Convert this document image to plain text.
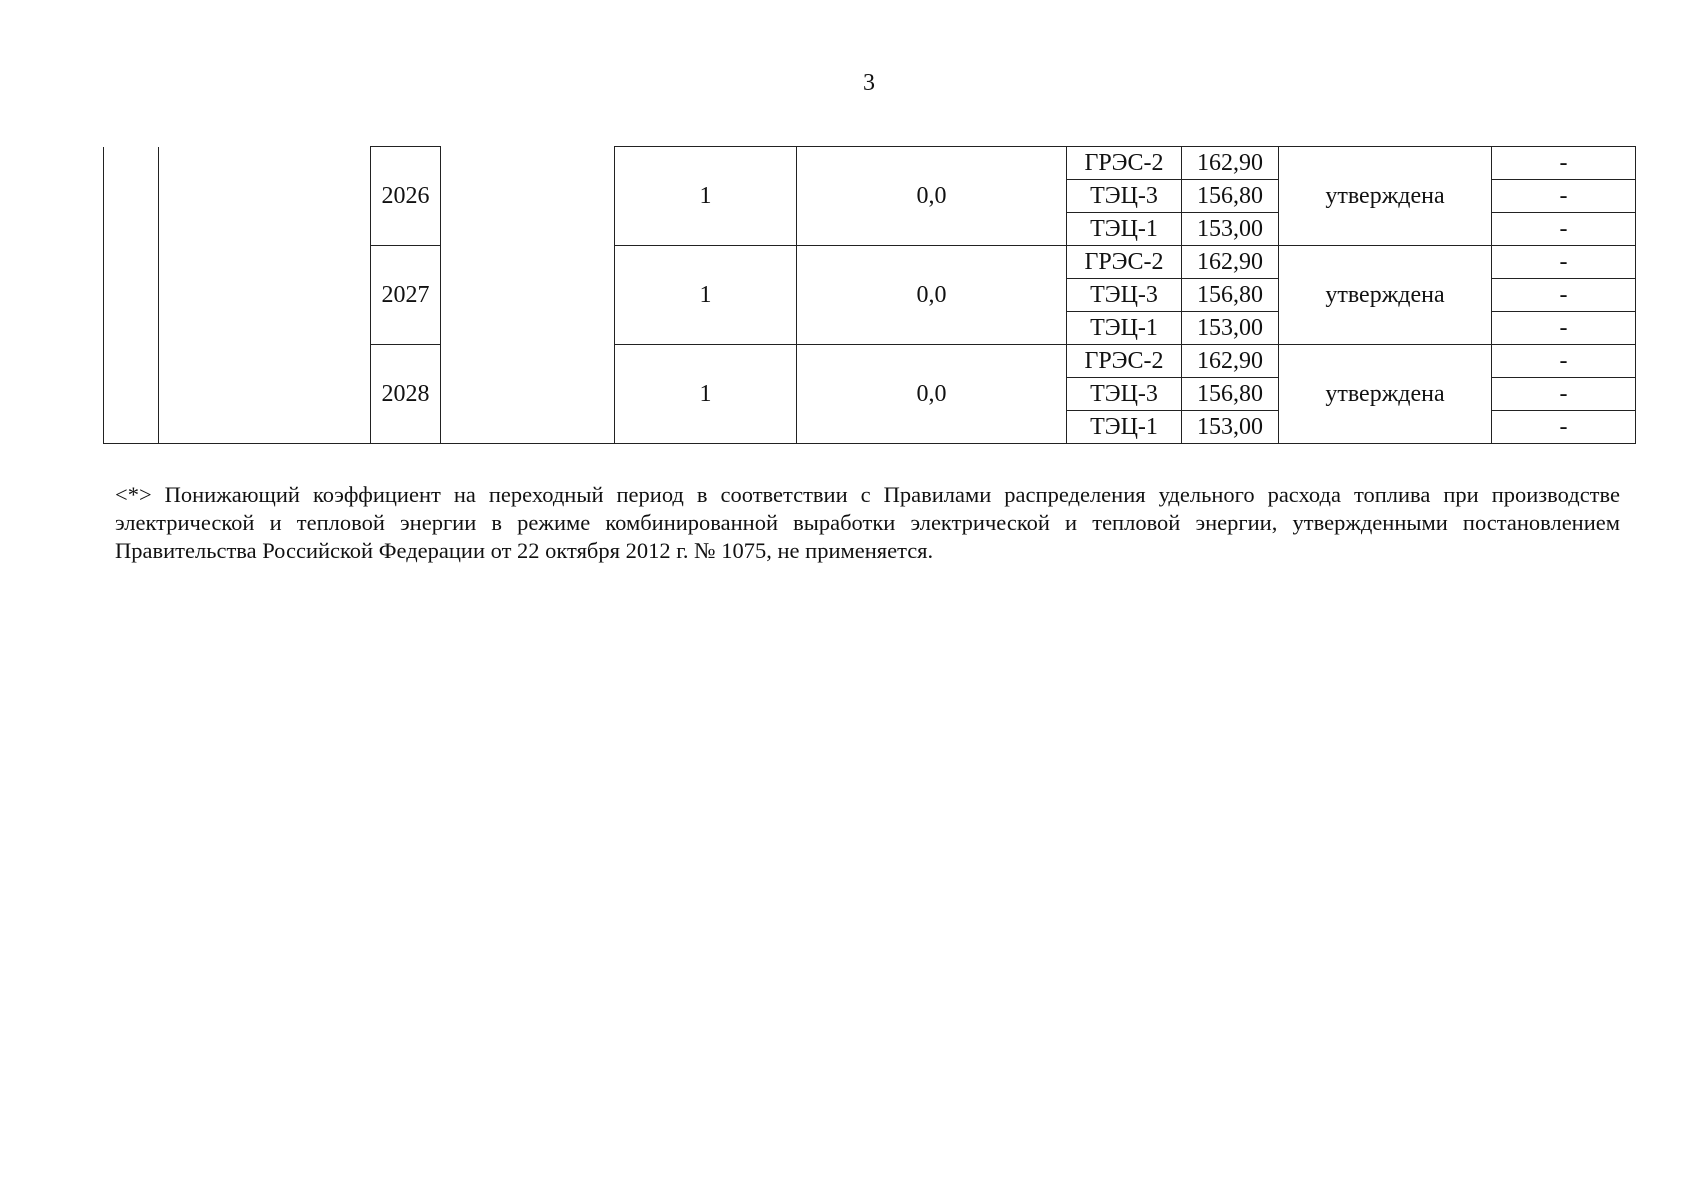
3
		2026		1	0,0	ГРЭС-2	162,90	утверждена	-
						ТЭЦ-3	156,80		-
						ТЭЦ-1	153,00		-
		2027		1	0,0	ГРЭС-2	162,90	утверждена	-
						ТЭЦ-3	156,80		-
						ТЭЦ-1	153,00		-
		2028		1	0,0	ГРЭС-2	162,90	утверждена	-
						ТЭЦ-3	156,80		-
						ТЭЦ-1	153,00		-

<*> Понижающий коэффициент на переходный период в соответствии с Правилами распределения удельного расхода топлива при производстве электрической и тепловой энергии в режиме комбинированной выработки электрической и тепловой энергии, утвержденными постановлением Правительства Российской Федерации от 22 октября 2012 г. № 1075, не применяется.
